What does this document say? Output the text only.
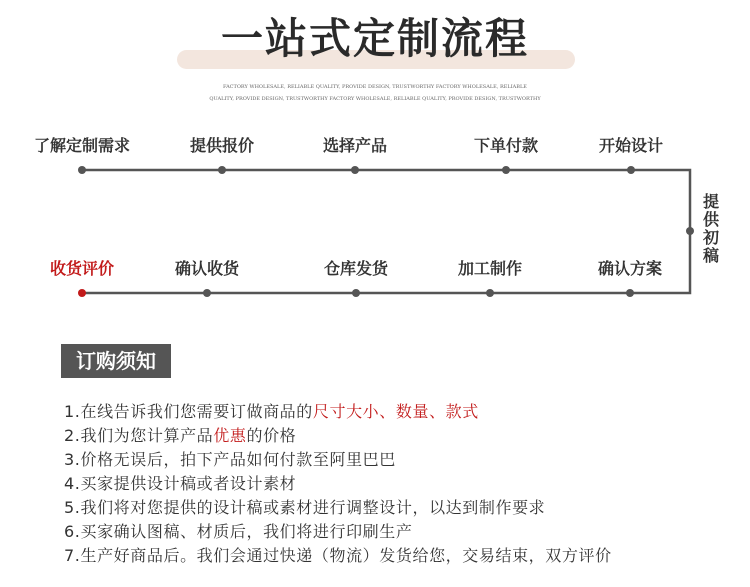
一站式定制流程
FACTORY WHOLESALE, RELIABLE QUALITY, PROVIDE DESIGN, TRUSTWORTHY FACTORY WHOLESALE, RELIABLE
QUALITY, PROVIDE DESIGN, TRUSTWORTHY FACTORY WHOLESALE, RELIABLE QUALITY, PROVIDE DESIGN, TRUSTWORTHY
了解定制需求	提供报价	选择产品	下单付款	开始设计
提供初稿
收货评价	确认收货	仓库发货	加工制作	确认方案
订购须知
1.在线告诉我们您需要订做商品的尺寸大小、数量、款式
2.我们为您计算产品优惠的价格
3.价格无误后，拍下产品如何付款至阿里巴巴
4.买家提供设计稿或者设计素材
5.我们将对您提供的设计稿或素材进行调整设计，以达到制作要求
6.买家确认图稿、材质后，我们将进行印刷生产
7.生产好商品后。我们会通过快递（物流）发货给您，交易结束，双方评价
